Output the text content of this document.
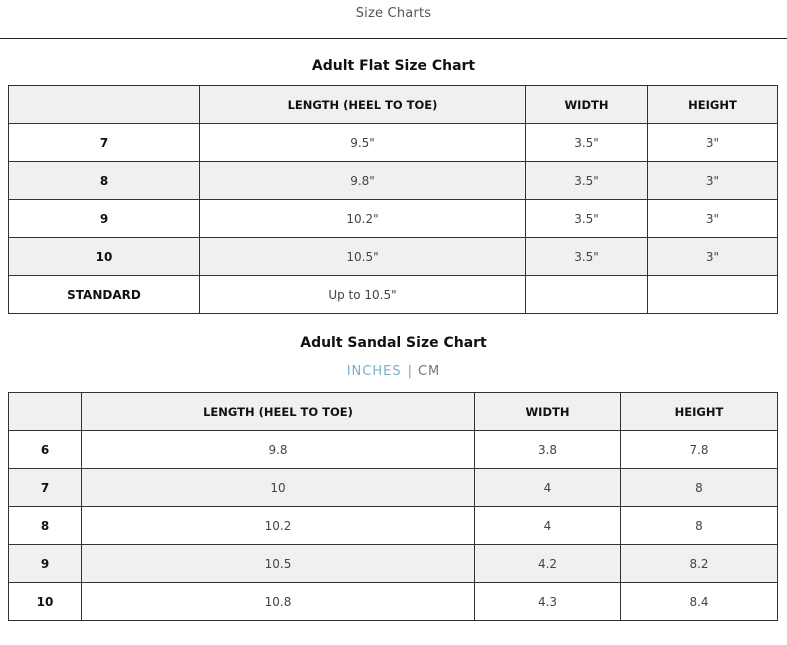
Size Charts
Adult Flat Size Chart
	LENGTH (HEEL TO TOE)	WIDTH	HEIGHT
7	9.5"	3.5"	3"
8	9.8"	3.5"	3"
9	10.2"	3.5"	3"
10	10.5"	3.5"	3"
STANDARD	Up to 10.5"		
Adult Sandal Size Chart
INCHES | CM
	LENGTH (HEEL TO TOE)	WIDTH	HEIGHT
6	9.8	3.8	7.8
7	10	4	8
8	10.2	4	8
9	10.5	4.2	8.2
10	10.8	4.3	8.4
